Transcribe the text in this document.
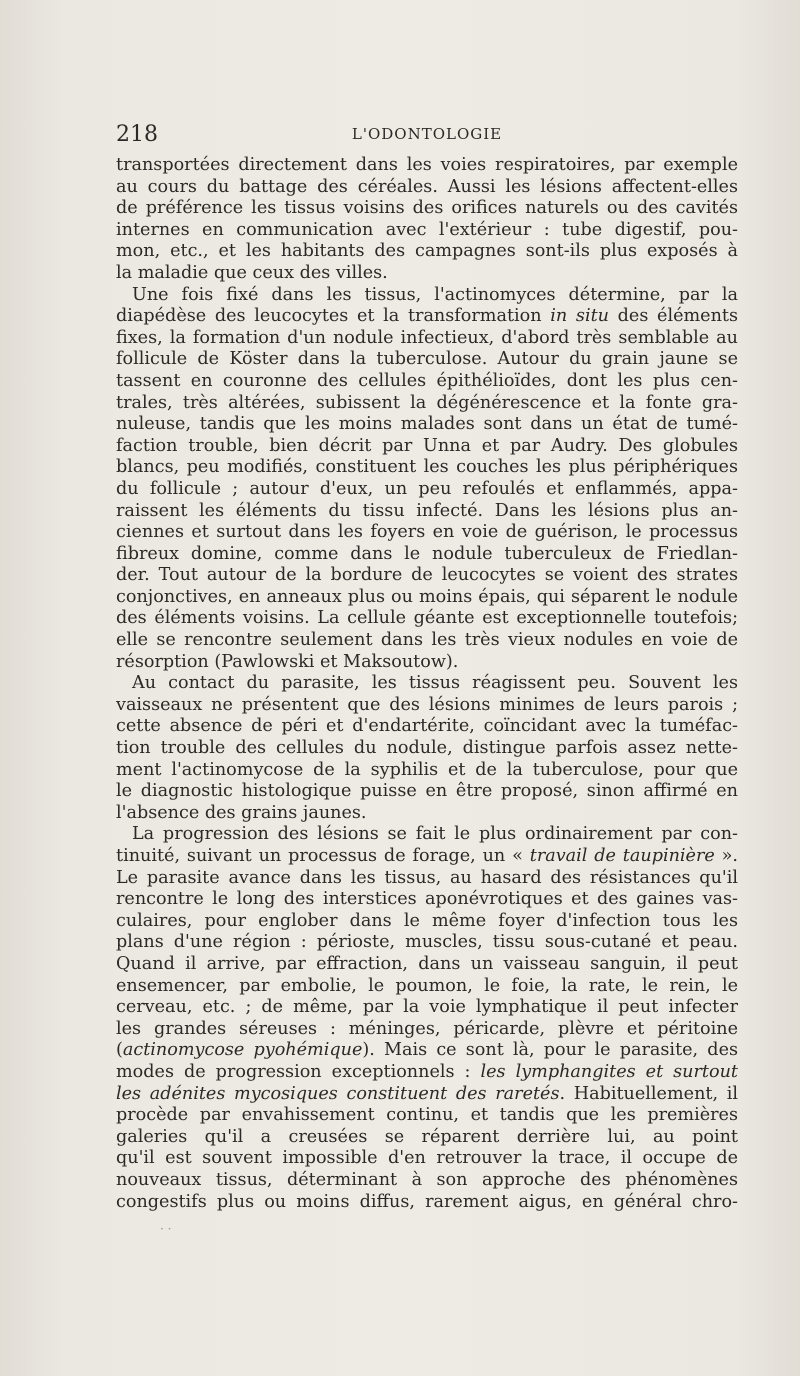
218	L'ODONTOLOGIE
transportées directement dans les voies respiratoires, par exemple
au cours du battage des céréales. Aussi les lésions affectent-elles
de préférence les tissus voisins des orifices naturels ou des cavités
internes en communication avec l'extérieur : tube digestif, pou-
mon, etc., et les habitants des campagnes sont-ils plus exposés à
la maladie que ceux des villes.
Une fois fixé dans les tissus, l'actinomyces détermine, par la
diapédèse des leucocytes et la transformation in situ des éléments
fixes, la formation d'un nodule infectieux, d'abord très semblable au
follicule de Köster dans la tuberculose. Autour du grain jaune se
tassent en couronne des cellules épithélioïdes, dont les plus cen-
trales, très altérées, subissent la dégénérescence et la fonte gra-
nuleuse, tandis que les moins malades sont dans un état de tumé-
faction trouble, bien décrit par Unna et par Audry. Des globules
blancs, peu modifiés, constituent les couches les plus périphériques
du follicule ; autour d'eux, un peu refoulés et enflammés, appa-
raissent les éléments du tissu infecté. Dans les lésions plus an-
ciennes et surtout dans les foyers en voie de guérison, le processus
fibreux domine, comme dans le nodule tuberculeux de Friedlan-
der. Tout autour de la bordure de leucocytes se voient des strates
conjonctives, en anneaux plus ou moins épais, qui séparent le nodule
des éléments voisins. La cellule géante est exceptionnelle toutefois;
elle se rencontre seulement dans les très vieux nodules en voie de
résorption (Pawlowski et Maksoutow).
Au contact du parasite, les tissus réagissent peu. Souvent les
vaisseaux ne présentent que des lésions minimes de leurs parois ;
cette absence de péri et d'endartérite, coïncidant avec la tuméfac-
tion trouble des cellules du nodule, distingue parfois assez nette-
ment l'actinomycose de la syphilis et de la tuberculose, pour que
le diagnostic histologique puisse en être proposé, sinon affirmé en
l'absence des grains jaunes.
La progression des lésions se fait le plus ordinairement par con-
tinuité, suivant un processus de forage, un « travail de taupinière ».
Le parasite avance dans les tissus, au hasard des résistances qu'il
rencontre le long des interstices aponévrotiques et des gaines vas-
culaires, pour englober dans le même foyer d'infection tous les
plans d'une région : périoste, muscles, tissu sous-cutané et peau.
Quand il arrive, par effraction, dans un vaisseau sanguin, il peut
ensemencer, par embolie, le poumon, le foie, la rate, le rein, le
cerveau, etc. ; de même, par la voie lymphatique il peut infecter
les grandes séreuses : méninges, péricarde, plèvre et péritoine
(actinomycose pyohémique). Mais ce sont là, pour le parasite, des
modes de progression exceptionnels : les lymphangites et surtout
les adénites mycosiques constituent des raretés. Habituellement, il
procède par envahissement continu, et tandis que les premières
galeries qu'il a creusées se réparent derrière lui, au point
qu'il est souvent impossible d'en retrouver la trace, il occupe de
nouveaux tissus, déterminant à son approche des phénomènes
congestifs plus ou moins diffus, rarement aigus, en général chro-
· ·
